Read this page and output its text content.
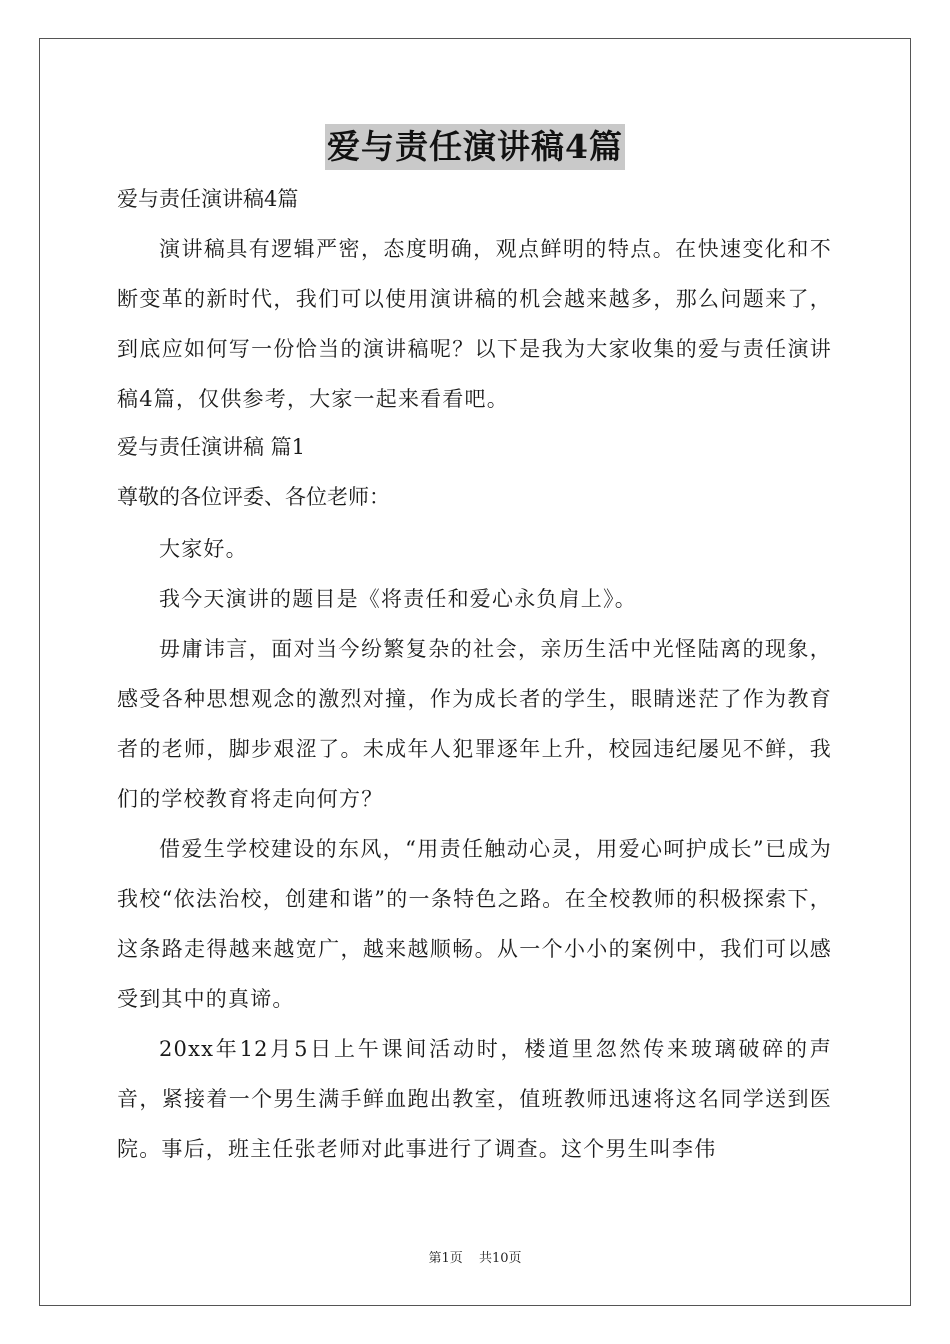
爱与责任演讲稿4篇

爱与责任演讲稿4篇

演讲稿具有逻辑严密，态度明确，观点鲜明的特点。在快速变化和不断变革的新时代，我们可以使用演讲稿的机会越来越多，那么问题来了，到底应如何写一份恰当的演讲稿呢？以下是我为大家收集的爱与责任演讲稿4篇，仅供参考，大家一起来看看吧。

爱与责任演讲稿 篇1

尊敬的各位评委、各位老师：

大家好。

我今天演讲的题目是《将责任和爱心永负肩上》。

毋庸讳言，面对当今纷繁复杂的社会，亲历生活中光怪陆离的现象，感受各种思想观念的激烈对撞，作为成长者的学生，眼睛迷茫了作为教育者的老师，脚步艰涩了。未成年人犯罪逐年上升，校园违纪屡见不鲜，我们的学校教育将走向何方？

借爱生学校建设的东风，“用责任触动心灵，用爱心呵护成长”已成为我校“依法治校，创建和谐”的一条特色之路。在全校教师的积极探索下，这条路走得越来越宽广，越来越顺畅。从一个小小的案例中，我们可以感受到其中的真谛。

20xx年12月5日上午课间活动时，楼道里忽然传来玻璃破碎的声音，紧接着一个男生满手鲜血跑出教室，值班教师迅速将这名同学送到医院。事后，班主任张老师对此事进行了调查。这个男生叫李伟

第1页 共10页
